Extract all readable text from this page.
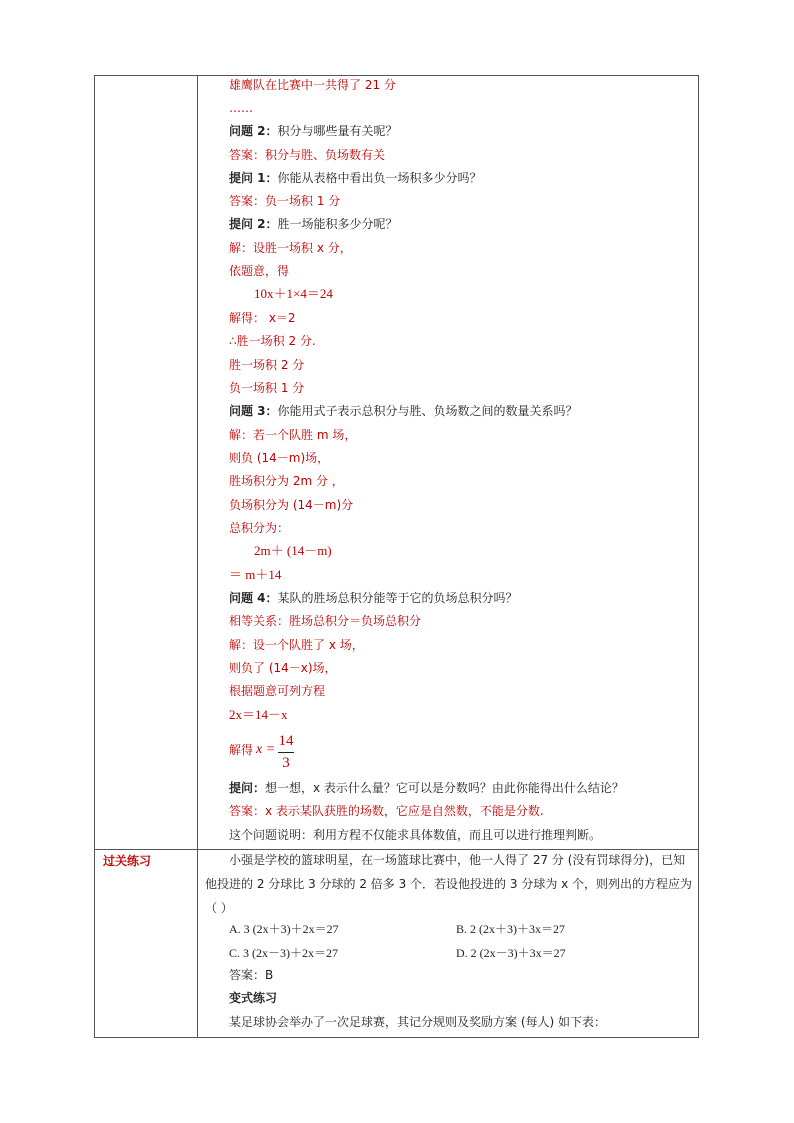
过关练习
雄鹰队在比赛中一共得了 21 分
……
问题 2：积分与哪些量有关呢？
答案：积分与胜、负场数有关
提问 1：你能从表格中看出负一场积多少分吗？
答案：负一场积 1 分
提问 2：胜一场能积多少分呢？
解：设胜一场积 x 分，
依题意，得
10x＋1×4＝24
解得： x＝2
∴胜一场积 2 分.
胜一场积 2 分
负一场积 1 分
问题 3：你能用式子表示总积分与胜、负场数之间的数量关系吗？
解：若一个队胜 m 场，
则负 (14－m)场，
胜场积分为 2m 分 ，
负场积分为 (14－m)分
总积分为：
2m＋ (14－m)
＝ m＋14
问题 4：某队的胜场总积分能等于它的负场总积分吗？
相等关系：胜场总积分＝负场总积分
解：设一个队胜了 x 场，
则负了 (14－x)场，
根据题意可列方程
2x＝14－x
解得 x =
14
3
提问：想一想，x 表示什么量？它可以是分数吗？由此你能得出什么结论？
答案：x 表示某队获胜的场数，它应是自然数，不能是分数.
这个问题说明：利用方程不仅能求具体数值，而且可以进行推理判断。
小强是学校的篮球明星，在一场篮球比赛中，他一人得了 27 分 (没有罚球得分)，已知他投进的 2 分球比 3 分球的 2 倍多 3 个．若设他投进的 3 分球为 x 个，则列出的方程应为（ ）
A. 3 (2x＋3)＋2x＝27	B. 2 (2x＋3)＋3x＝27
C. 3 (2x－3)＋2x＝27	D. 2 (2x－3)＋3x＝27
答案：B
变式练习
某足球协会举办了一次足球赛，其记分规则及奖励方案 (每人) 如下表：
